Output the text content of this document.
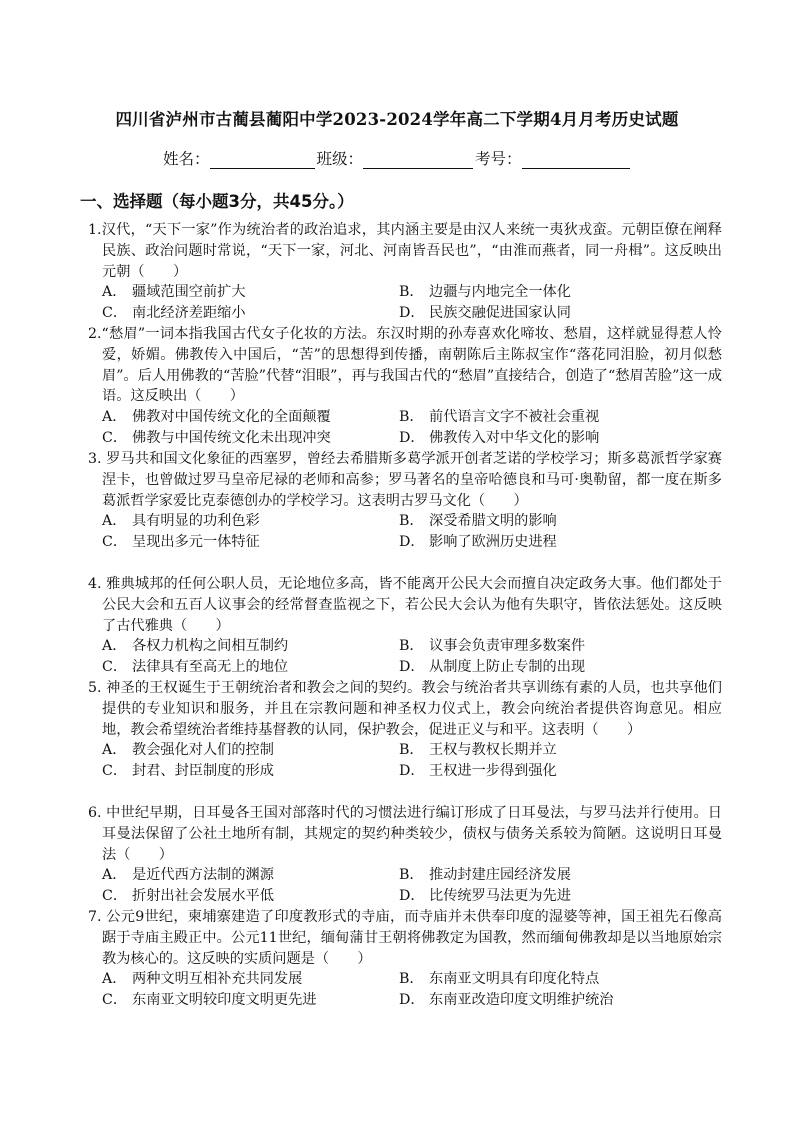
四川省泸州市古蔺县蔺阳中学2023-2024学年高二下学期4月月考历史试题
姓名：	班级：	考号：
一、选择题（每小题3分，共45分。）
1.汉代，“天下一家”作为统治者的政治追求，其内涵主要是由汉人来统一夷狄戎蛮。元朝臣僚在阐释民族、政治问题时常说，“天下一家，河北、河南皆吾民也”，“由淮而燕者，同一舟楫”。这反映出元朝（　　）
A． 疆域范围空前扩大	B． 边疆与内地完全一体化
C． 南北经济差距缩小	D． 民族交融促进国家认同
2.“愁眉”一词本指我国古代女子化妆的方法。东汉时期的孙寿喜欢化啼妆、愁眉，这样就显得惹人怜爱，娇媚。佛教传入中国后，“苦”的思想得到传播，南朝陈后主陈叔宝作“落花同泪脸，初月似愁眉”。后人用佛教的“苦脸”代替“泪眼”，再与我国古代的“愁眉”直接结合，创造了“愁眉苦脸”这一成语。这反映出（　　）
A． 佛教对中国传统文化的全面颠覆	B． 前代语言文字不被社会重视
C． 佛教与中国传统文化未出现冲突	D． 佛教传入对中华文化的影响
3. 罗马共和国文化象征的西塞罗，曾经去希腊斯多葛学派开创者芝诺的学校学习；斯多葛派哲学家赛涅卡，也曾做过罗马皇帝尼禄的老师和高参；罗马著名的皇帝哈德良和马可·奥勒留，都一度在斯多葛派哲学家爱比克泰德创办的学校学习。这表明古罗马文化（　　）
A． 具有明显的功利色彩	B． 深受希腊文明的影响
C． 呈现出多元一体特征	D． 影响了欧洲历史进程
4. 雅典城邦的任何公职人员，无论地位多高，皆不能离开公民大会而擅自决定政务大事。他们都处于公民大会和五百人议事会的经常督查监视之下，若公民大会认为他有失职守，皆依法惩处。这反映了古代雅典（　　）
A． 各权力机构之间相互制约	B． 议事会负责审理多数案件
C． 法律具有至高无上的地位	D． 从制度上防止专制的出现
5. 神圣的王权诞生于王朝统治者和教会之间的契约。教会与统治者共享训练有素的人员，也共享他们提供的专业知识和服务，并且在宗教问题和神圣权力仪式上，教会向统治者提供咨询意见。相应地，教会希望统治者维持基督教的认同，保护教会，促进正义与和平。这表明（　　）
A． 教会强化对人们的控制	B． 王权与教权长期并立
C． 封君、封臣制度的形成	D． 王权进一步得到强化
6. 中世纪早期，日耳曼各王国对部落时代的习惯法进行编订形成了日耳曼法，与罗马法并行使用。日耳曼法保留了公社土地所有制，其规定的契约种类较少，债权与债务关系较为简陋。这说明日耳曼法（　　）
A． 是近代西方法制的渊源	B． 推动封建庄园经济发展
C． 折射出社会发展水平低	D． 比传统罗马法更为先进
7. 公元9世纪，柬埔寨建造了印度教形式的寺庙，而寺庙并未供奉印度的湿婆等神，国王祖先石像高踞于寺庙主殿正中。公元11世纪，缅甸蒲甘王朝将佛教定为国教，然而缅甸佛教却是以当地原始宗教为核心的。这反映的实质问题是（　　）
A． 两种文明互相补充共同发展	B． 东南亚文明具有印度化特点
C． 东南亚文明较印度文明更先进	D． 东南亚改造印度文明维护统治
